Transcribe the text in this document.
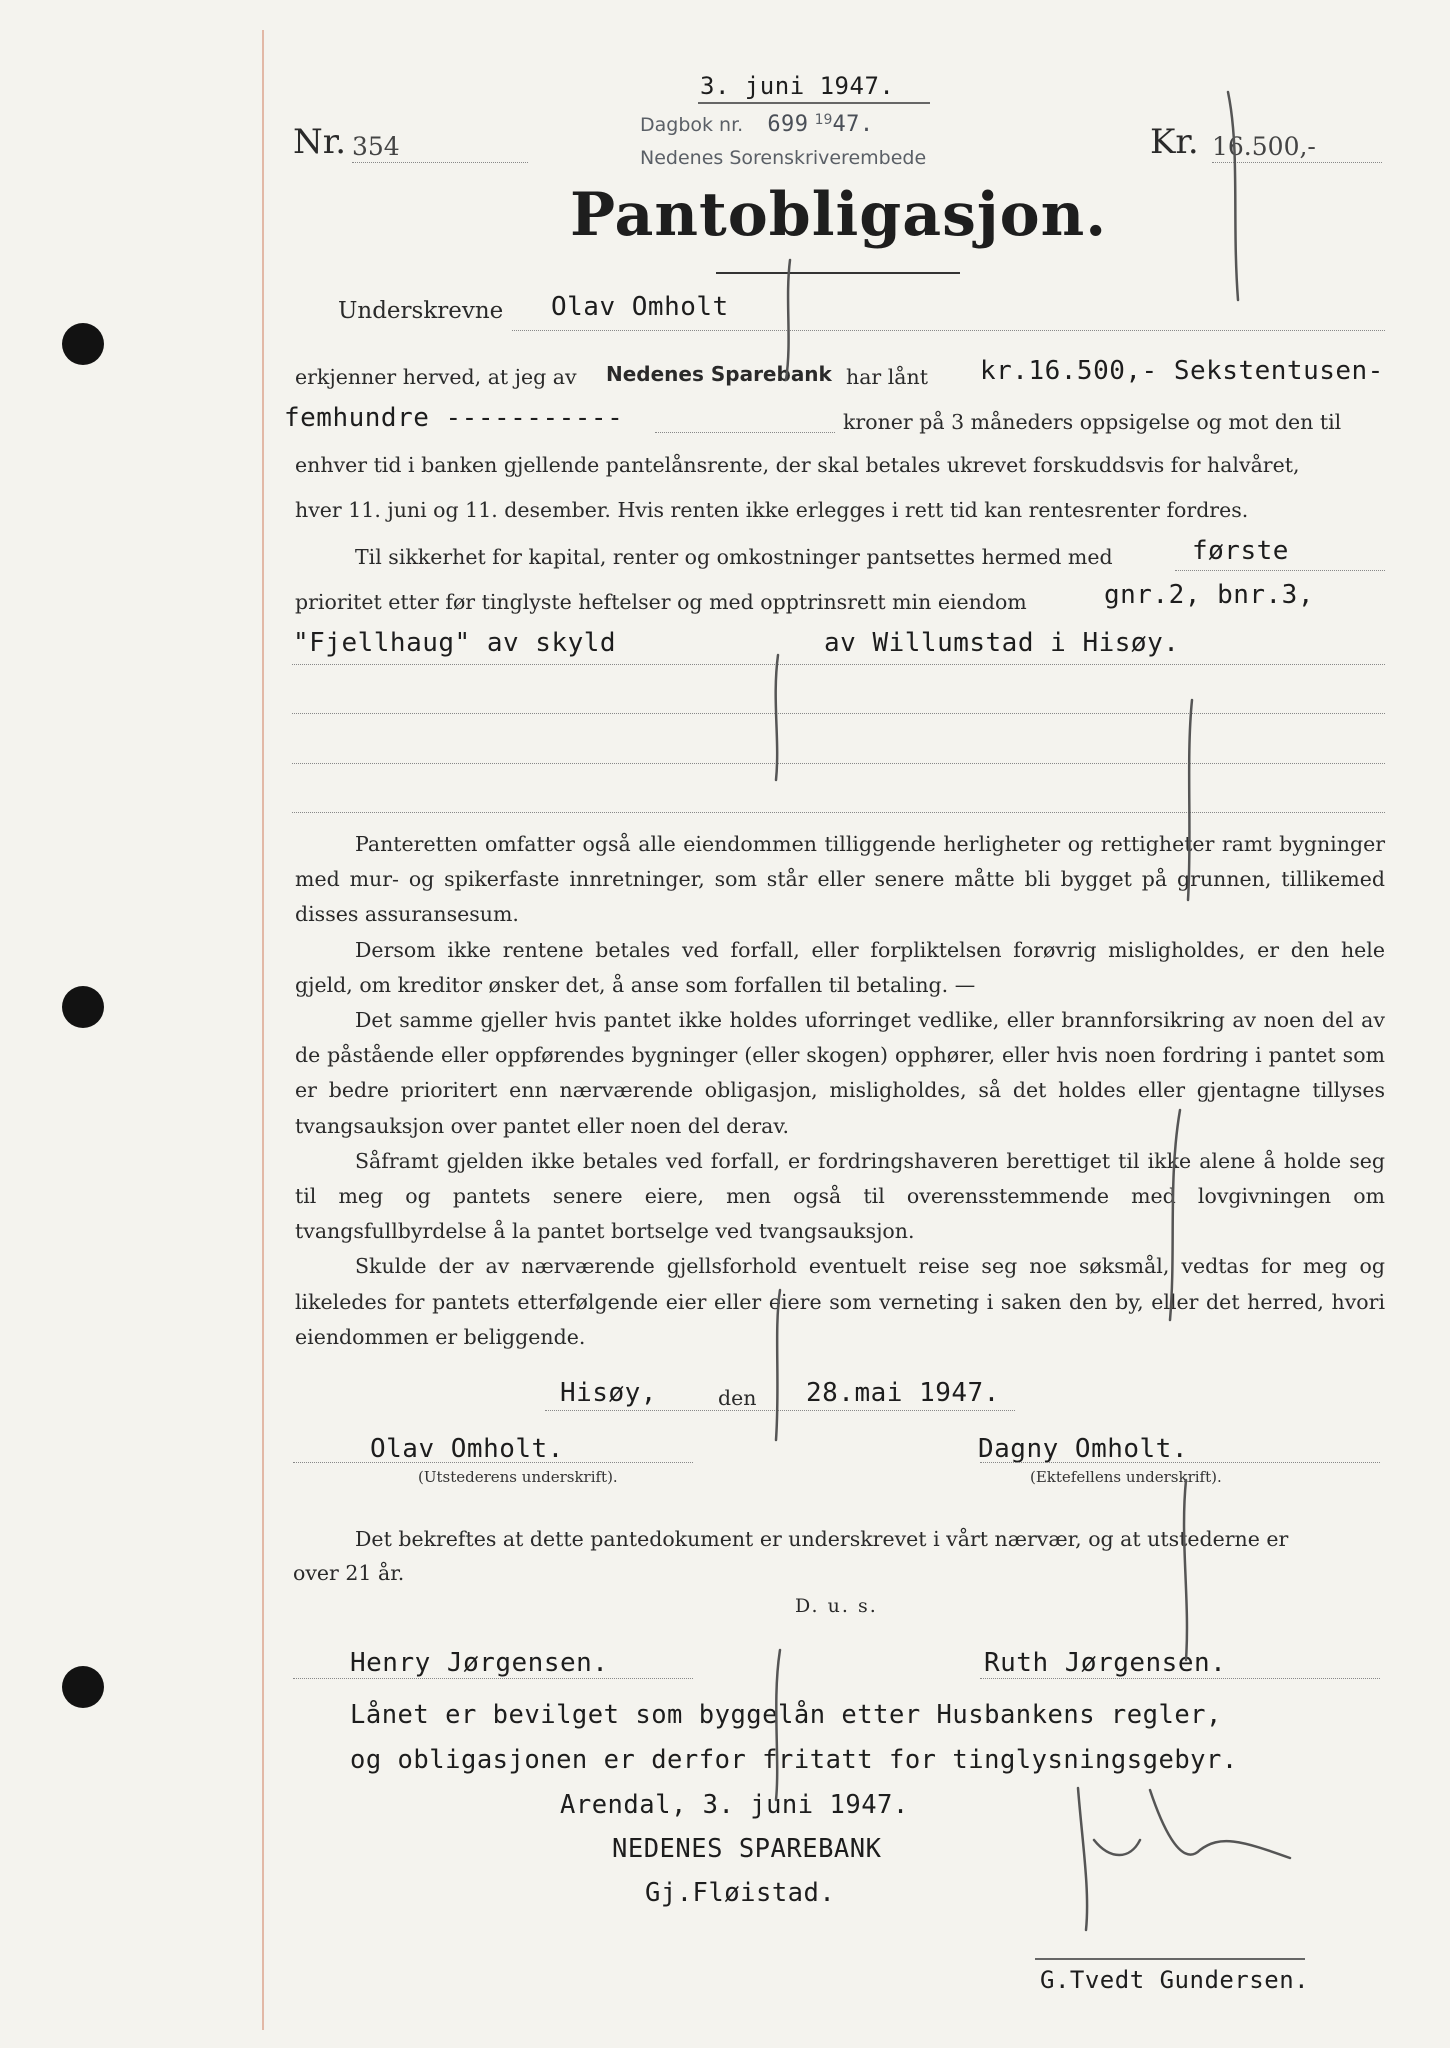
3. juni 1947.
Dagbok nr. 699 $^{19}$47.
Nedenes Sorenskriverembede
Nr. 354	Kr. 16.500,-
Pantobligasjon.
Underskrevne Olav Omholt
erkjenner herved, at jeg av Nedenes Sparebank har lånt kr.16.500,- Sekstentusen-
femhundre -----------	kroner på 3 måneders oppsigelse og mot den til
enhver tid i banken gjellende pantelånsrente, der skal betales ukrevet forskuddsvis for halvåret,
hver 11. juni og 11. desember. Hvis renten ikke erlegges i rett tid kan rentesrenter fordres.
Til sikkerhet for kapital, renter og omkostninger pantsettes hermed med	første
prioritet etter før tinglyste heftelser og med opptrinsrett min eiendom	gnr.2, bnr.3,
"Fjellhaug" av skyld	av Willumstad i Hisøy.

Panteretten omfatter også alle eiendommen tilliggende herligheter og rettigheter ramt bygninger med mur- og spikerfaste innretninger, som står eller senere måtte bli bygget på grunnen, tillikemed disses assuransesum.

Dersom ikke rentene betales ved forfall, eller forpliktelsen forøvrig misligholdes, er den hele gjeld, om kreditor ønsker det, å anse som forfallen til betaling. —

Det samme gjeller hvis pantet ikke holdes uforringet vedlike, eller brannforsikring av noen del av de påstående eller oppførendes bygninger (eller skogen) opphører, eller hvis noen fordring i pantet som er bedre prioritert enn nærværende obligasjon, misligholdes, så det holdes eller gjentagne tillyses tvangsauksjon over pantet eller noen del derav.

Såframt gjelden ikke betales ved forfall, er fordringshaveren berettiget til ikke alene å holde seg til meg og pantets senere eiere, men også til overensstemmende med lovgivningen om tvangsfullbyrdelse å la pantet bortselge ved tvangsauksjon.

Skulde der av nærværende gjellsforhold eventuelt reise seg noe søksmål, vedtas for meg og likeledes for pantets etterfølgende eier eller eiere som verneting i saken den by, eller det herred, hvori eiendommen er beliggende.

Hisøy,	den 28.mai 1947.
Olav Omholt.
(Utstederens underskrift).
Dagny Omholt.
(Ektefellens underskrift).
Det bekreftes at dette pantedokument er underskrevet i vårt nærvær, og at utstederne er
over 21 år.
D. u. s.
Henry Jørgensen.	Ruth Jørgensen.
Lånet er bevilget som byggelån etter Husbankens regler,
og obligasjonen er derfor fritatt for tinglysningsgebyr.
Arendal, 3. juni 1947.
NEDENES SPAREBANK
Gj.Fløistad.
G.Tvedt Gundersen.
